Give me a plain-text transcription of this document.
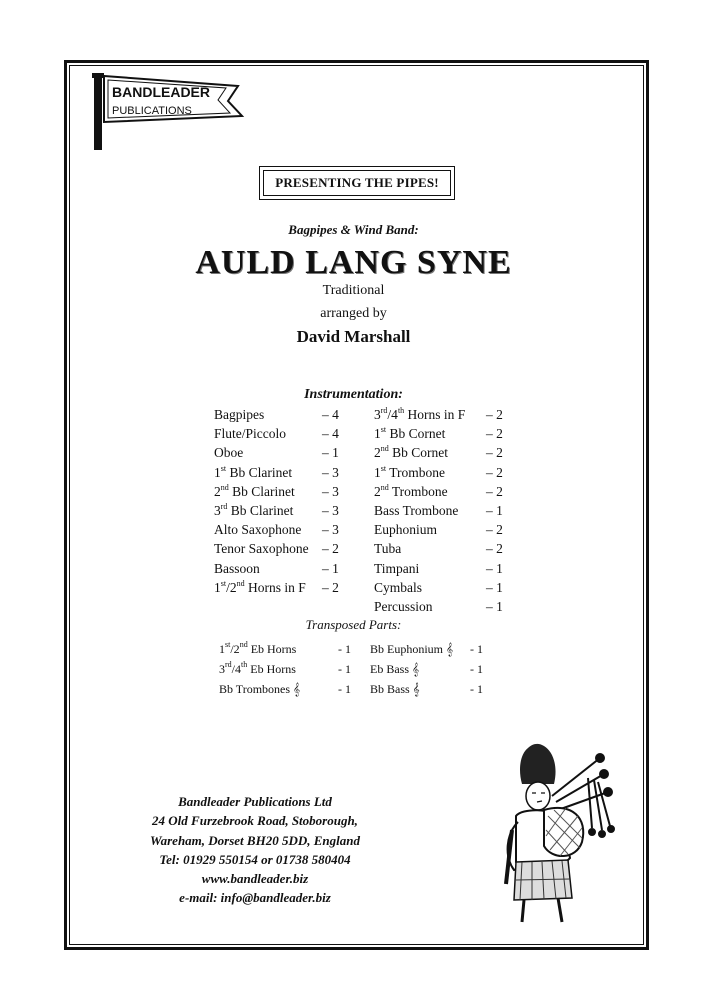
BANDLEADER
PUBLICATIONS
PRESENTING THE PIPES!
Bagpipes & Wind Band:
AULD LANG SYNE
Traditional
arranged by
David Marshall
Instrumentation:
Bagpipes	– 4
Flute/Piccolo	– 4
Oboe	– 1
1st Bb Clarinet – 3
2nd Bb Clarinet – 3
3rd Bb Clarinet – 3
Alto Saxophone – 3
Tenor Saxophone – 2
Bassoon	– 1
1st/2nd Horns in F – 2
3rd/4th Horns in F – 2
1st Bb Cornet	– 2
2nd Bb Cornet	– 2
1st Trombone	– 2
2nd Trombone	– 2
Bass Trombone – 1
Euphonium	– 2
Tuba	– 2
Timpani	– 1
Cymbals	– 1
Percussion	– 1
Transposed Parts:
1st/2nd Eb Horns	- 1
3rd/4th Eb Horns	- 1
Bb Trombones 𝄞	- 1
Bb Euphonium 𝄞 - 1
Eb Bass 𝄞	- 1
Bb Bass 𝄞	- 1
Bandleader Publications Ltd
24 Old Furzebrook Road, Stoborough,
Wareham, Dorset BH20 5DD, England
Tel: 01929 550154 or 01738 580404
www.bandleader.biz
e-mail: info@bandleader.biz
